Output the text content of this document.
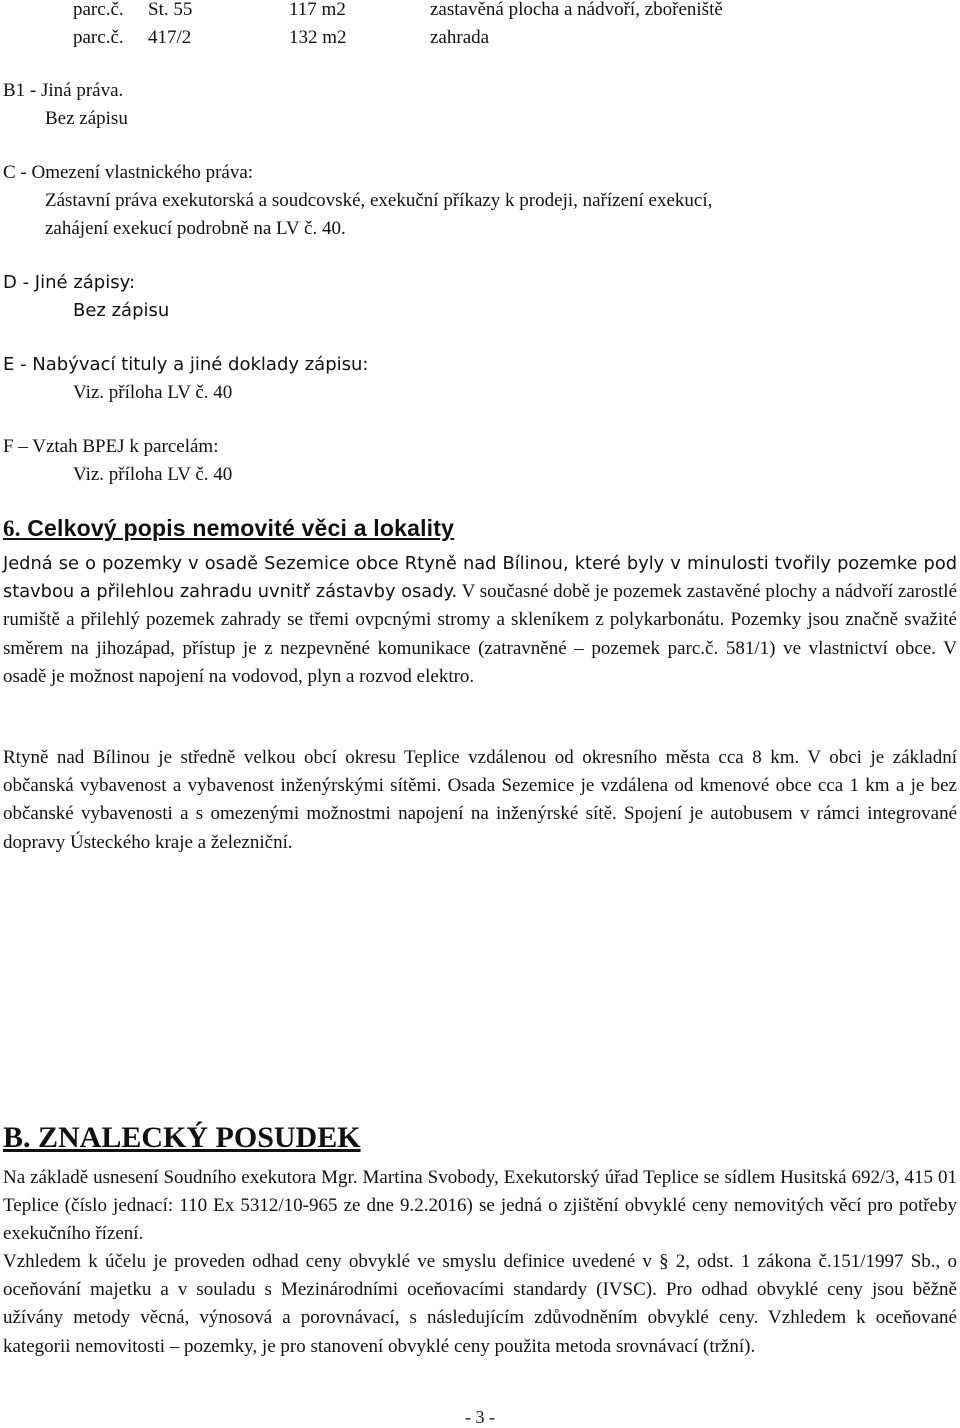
parc.č. St. 55	117 m2	zastavěná plocha a nádvoří, zbořeniště
parc.č. 417/2	132 m2	zahrada
B1 - Jiná práva.
Bez zápisu
C - Omezení vlastnického práva:
Zástavní práva exekutorská a soudcovské, exekuční příkazy k prodeji, nařízení exekucí,
zahájení exekucí podrobně na LV č. 40.
D - Jiné zápisy:
Bez zápisu
E - Nabývací tituly a jiné doklady zápisu:
Viz. příloha LV č. 40
F – Vztah BPEJ k parcelám:
Viz. příloha LV č. 40
6. Celkový popis nemovité věci a lokality

Jedná se o pozemky v osadě Sezemice obce Rtyně nad Bílinou, které byly v minulosti tvořily pozemke pod stavbou a přilehlou zahradu uvnitř zástavby osady. V současné době je pozemek zastavěné plochy a nádvoří zarostlé rumiště a přilehlý pozemek zahrady se třemi ovpcnými stromy a skleníkem z polykarbonátu. Pozemky jsou značně svažité směrem na jihozápad, přístup je z nezpevněné komunikace (zatravněné – pozemek parc.č. 581/1) ve vlastnictví obce. V osadě je možnost napojení na vodovod, plyn a rozvod elektro.

Rtyně nad Bílinou je středně velkou obcí okresu Teplice vzdálenou od okresního města cca 8 km. V obci je základní občanská vybavenost a vybavenost inženýrskými sítěmi. Osada Sezemice je vzdálena od kmenové obce cca 1 km a je bez občanské vybavenosti a s omezenými možnostmi napojení na inženýrské sítě. Spojení je autobusem v rámci integrované dopravy Ústeckého kraje a železniční.

B. ZNALECKÝ POSUDEK

Na základě usnesení Soudního exekutora Mgr. Martina Svobody, Exekutorský úřad Teplice se sídlem Husitská 692/3, 415 01 Teplice (číslo jednací: 110 Ex 5312/10-965 ze dne 9.2.2016) se jedná o zjištění obvyklé ceny nemovitých věcí pro potřeby exekučního řízení.

Vzhledem k účelu je proveden odhad ceny obvyklé ve smyslu definice uvedené v § 2, odst. 1 zákona č.151/1997 Sb., o oceňování majetku a v souladu s Mezinárodními oceňovacími standardy (IVSC). Pro odhad obvyklé ceny jsou běžně užívány metody věcná, výnosová a porovnávací, s následujícím zdůvodněním obvyklé ceny. Vzhledem k oceňované kategorii nemovitosti – pozemky, je pro stanovení obvyklé ceny použita metoda srovnávací (tržní).

- 3 -
